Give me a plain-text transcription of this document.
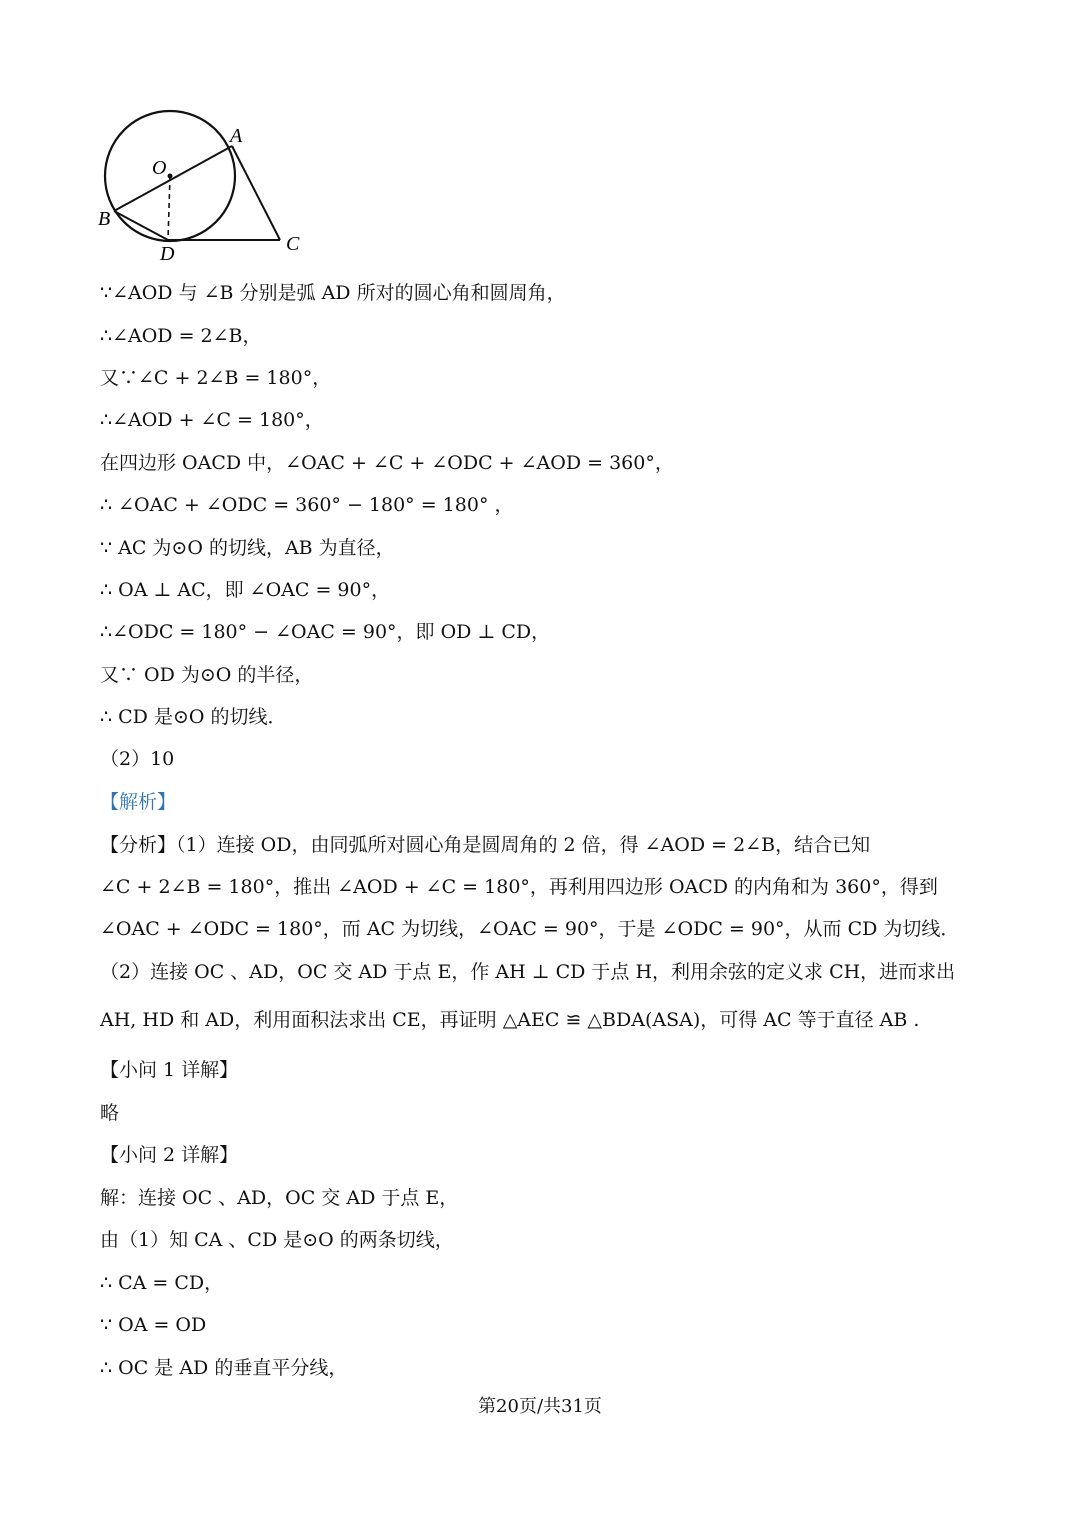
A
O
B
D	C
∵∠AOD 与 ∠B 分别是弧 AD 所对的圆心角和圆周角，
∴∠AOD = 2∠B，
又∵∠C + 2∠B = 180°，
∴∠AOD + ∠C = 180°，
在四边形 OACD 中，∠OAC + ∠C + ∠ODC + ∠AOD = 360°，
∴ ∠OAC + ∠ODC = 360° − 180° = 180° ，
∵ AC 为⊙O 的切线，AB 为直径，
∴ OA ⊥ AC，即 ∠OAC = 90°，
∴∠ODC = 180° − ∠OAC = 90°，即 OD ⊥ CD，
又∵ OD 为⊙O 的半径，
∴ CD 是⊙O 的切线．
（2）10
【解析】
【分析】（1）连接 OD，由同弧所对圆心角是圆周角的 2 倍，得 ∠AOD = 2∠B，结合已知
∠C + 2∠B = 180°，推出 ∠AOD + ∠C = 180°，再利用四边形 OACD 的内角和为 360°，得到
∠OAC + ∠ODC = 180°，而 AC 为切线，∠OAC = 90°，于是 ∠ODC = 90°，从而 CD 为切线．
（2）连接 OC 、AD，OC 交 AD 于点 E，作 AH ⊥ CD 于点 H，利用余弦的定义求 CH，进而求出
AH, HD 和 AD，利用面积法求出 CE，再证明 △AEC ≌ △BDA(ASA)，可得 AC 等于直径 AB .
【小问 1 详解】
略
【小问 2 详解】
解：连接 OC 、AD，OC 交 AD 于点 E，
由（1）知 CA 、CD 是⊙O 的两条切线，
∴ CA = CD，
∵ OA = OD
∴ OC 是 AD 的垂直平分线，
第20页/共31页
